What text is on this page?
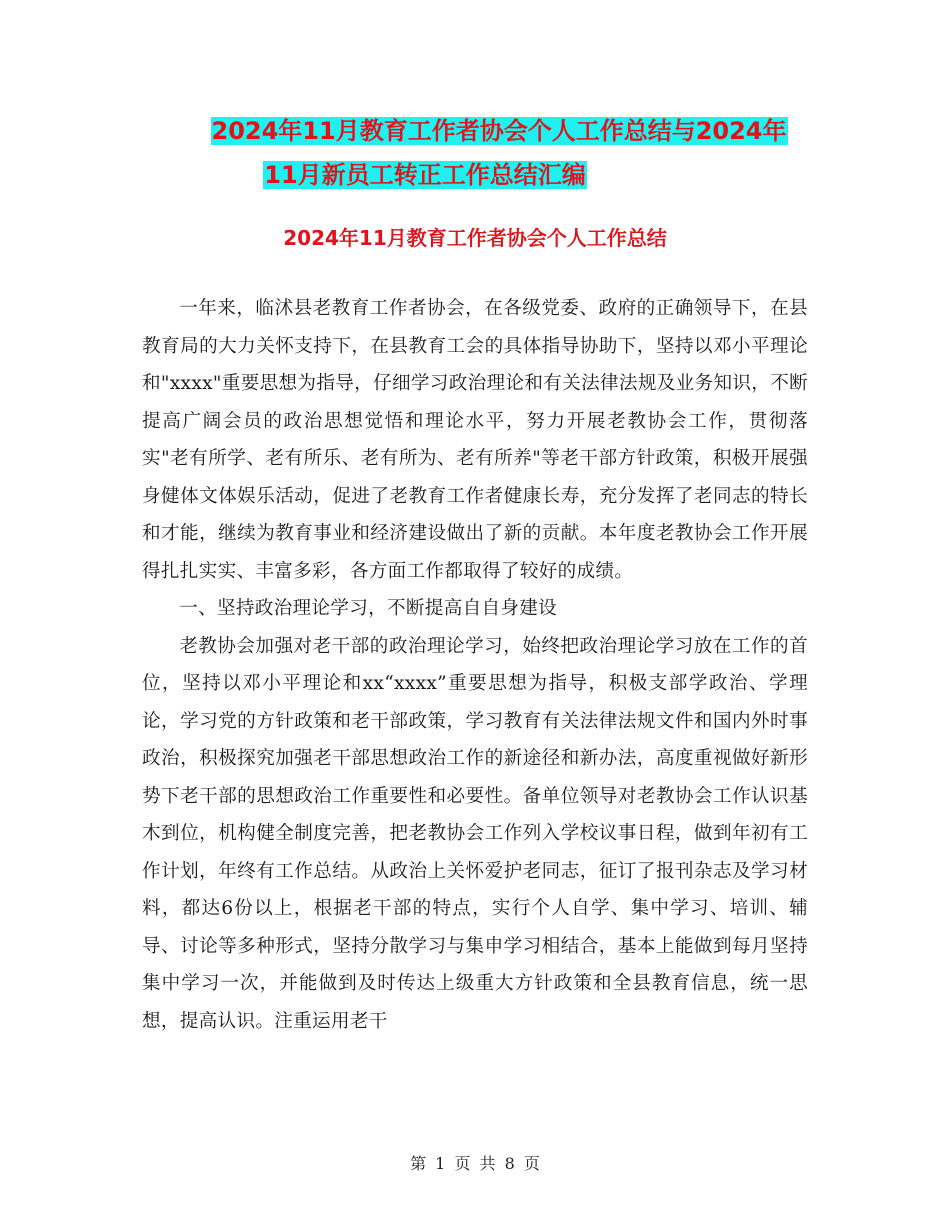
2024年11月教育工作者协会个人工作总结与2024年
11月新员工转正工作总结汇编
2024年11月教育工作者协会个人工作总结

一年来，临沭县老教育工作者协会，在各级党委、政府的正确领导下，在县教育局的大力关怀支持下，在县教育工会的具体指导协助下，坚持以邓小平理论和"xxxx"重要思想为指导，仔细学习政治理论和有关法律法规及业务知识，不断提高广阔会员的政治思想觉悟和理论水平，努力开展老教协会工作，贯彻落实"老有所学、老有所乐、老有所为、老有所养"等老干部方针政策，积极开展强身健体文体娱乐活动，促进了老教育工作者健康长寿，充分发挥了老同志的特长和才能，继续为教育事业和经济建设做出了新的贡献。本年度老教协会工作开展得扎扎实实、丰富多彩，各方面工作都取得了较好的成绩。

一、坚持政治理论学习，不断提高自自身建设

老教协会加强对老干部的政治理论学习，始终把政治理论学习放在工作的首位，坚持以邓小平理论和xx“xxxx”重要思想为指导，积极支部学政治、学理论，学习党的方针政策和老干部政策，学习教育有关法律法规文件和国内外时事政治，积极探究加强老干部思想政治工作的新途径和新办法，高度重视做好新形势下老干部的思想政治工作重要性和必要性。备单位领导对老教协会工作认识基木到位，机构健全制度完善，把老教协会工作列入学校议事日程，做到年初有工作计划，年终有工作总结。从政治上关怀爱护老同志，征订了报刊杂志及学习材料，都达6份以上，根据老干部的特点，实行个人自学、集中学习、培训、辅导、讨论等多种形式，坚持分散学习与集申学习相结合，基本上能做到每月坚持集中学习一次，并能做到及时传达上级重大方针政策和全县教育信息，统一思想，提高认识。注重运用老干

第 1 页 共 8 页
